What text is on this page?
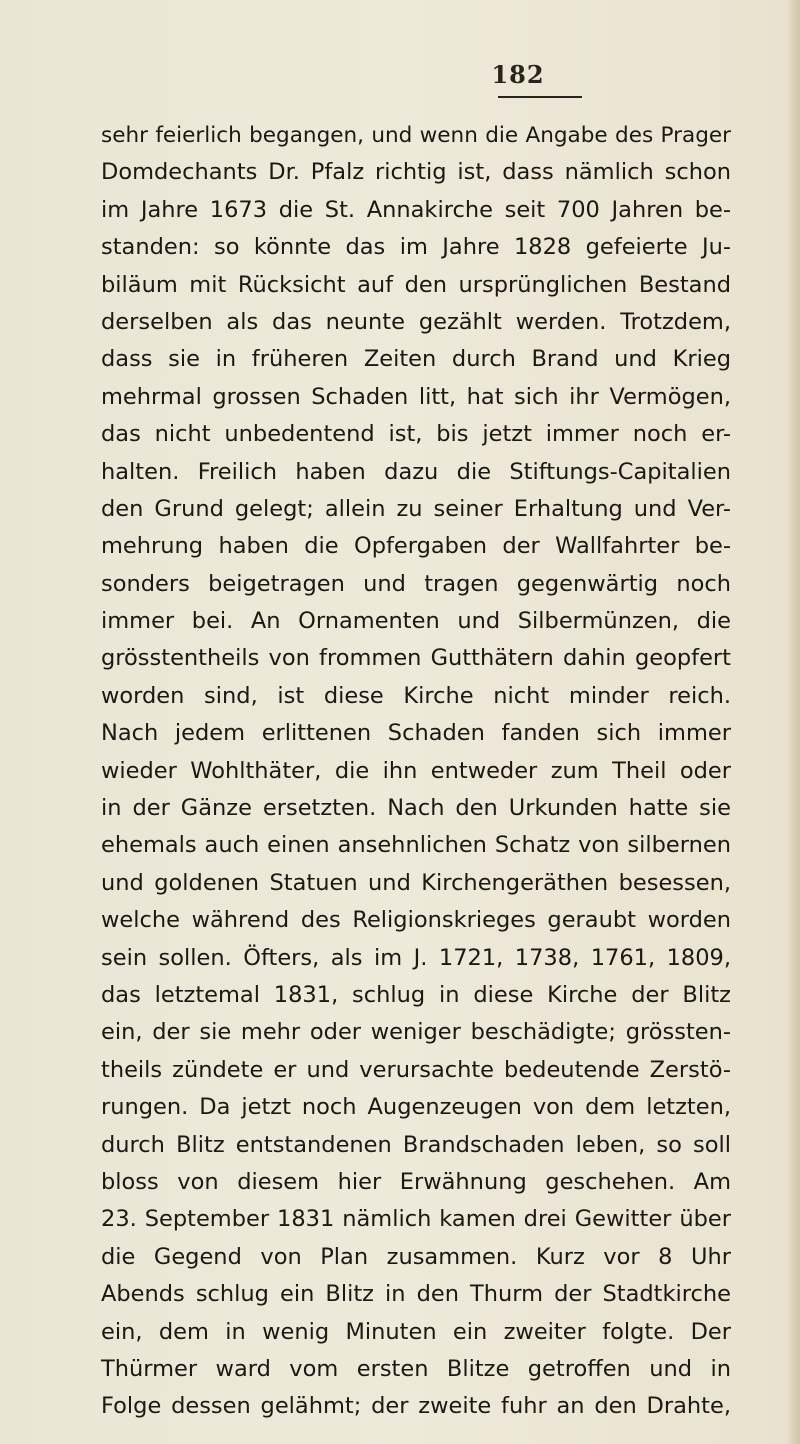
182
sehr feierlich begangen, und wenn die Angabe des Prager
Domdechants Dr. Pfalz richtig ist, dass nämlich schon
im Jahre 1673 die St. Annakirche seit 700 Jahren be-
standen: so könnte das im Jahre 1828 gefeierte Ju-
biläum mit Rücksicht auf den ursprünglichen Bestand
derselben als das neunte gezählt werden. Trotzdem,
dass sie in früheren Zeiten durch Brand und Krieg
mehrmal grossen Schaden litt, hat sich ihr Vermögen,
das nicht unbedentend ist, bis jetzt immer noch er-
halten. Freilich haben dazu die Stiftungs-Capitalien
den Grund gelegt; allein zu seiner Erhaltung und Ver-
mehrung haben die Opfergaben der Wallfahrter be-
sonders beigetragen und tragen gegenwärtig noch
immer bei. An Ornamenten und Silbermünzen, die
grösstentheils von frommen Gutthätern dahin geopfert
worden sind, ist diese Kirche nicht minder reich.
Nach jedem erlittenen Schaden fanden sich immer
wieder Wohlthäter, die ihn entweder zum Theil oder
in der Gänze ersetzten. Nach den Urkunden hatte sie
ehemals auch einen ansehnlichen Schatz von silbernen
und goldenen Statuen und Kirchengeräthen besessen,
welche während des Religionskrieges geraubt worden
sein sollen. Öfters, als im J. 1721, 1738, 1761, 1809,
das letztemal 1831, schlug in diese Kirche der Blitz
ein, der sie mehr oder weniger beschädigte; grössten-
theils zündete er und verursachte bedeutende Zerstö-
rungen. Da jetzt noch Augenzeugen von dem letzten,
durch Blitz entstandenen Brandschaden leben, so soll
bloss von diesem hier Erwähnung geschehen. Am
23. September 1831 nämlich kamen drei Gewitter über
die Gegend von Plan zusammen. Kurz vor 8 Uhr
Abends schlug ein Blitz in den Thurm der Stadtkirche
ein, dem in wenig Minuten ein zweiter folgte. Der
Thürmer ward vom ersten Blitze getroffen und in
Folge dessen gelähmt; der zweite fuhr an den Drahte,
